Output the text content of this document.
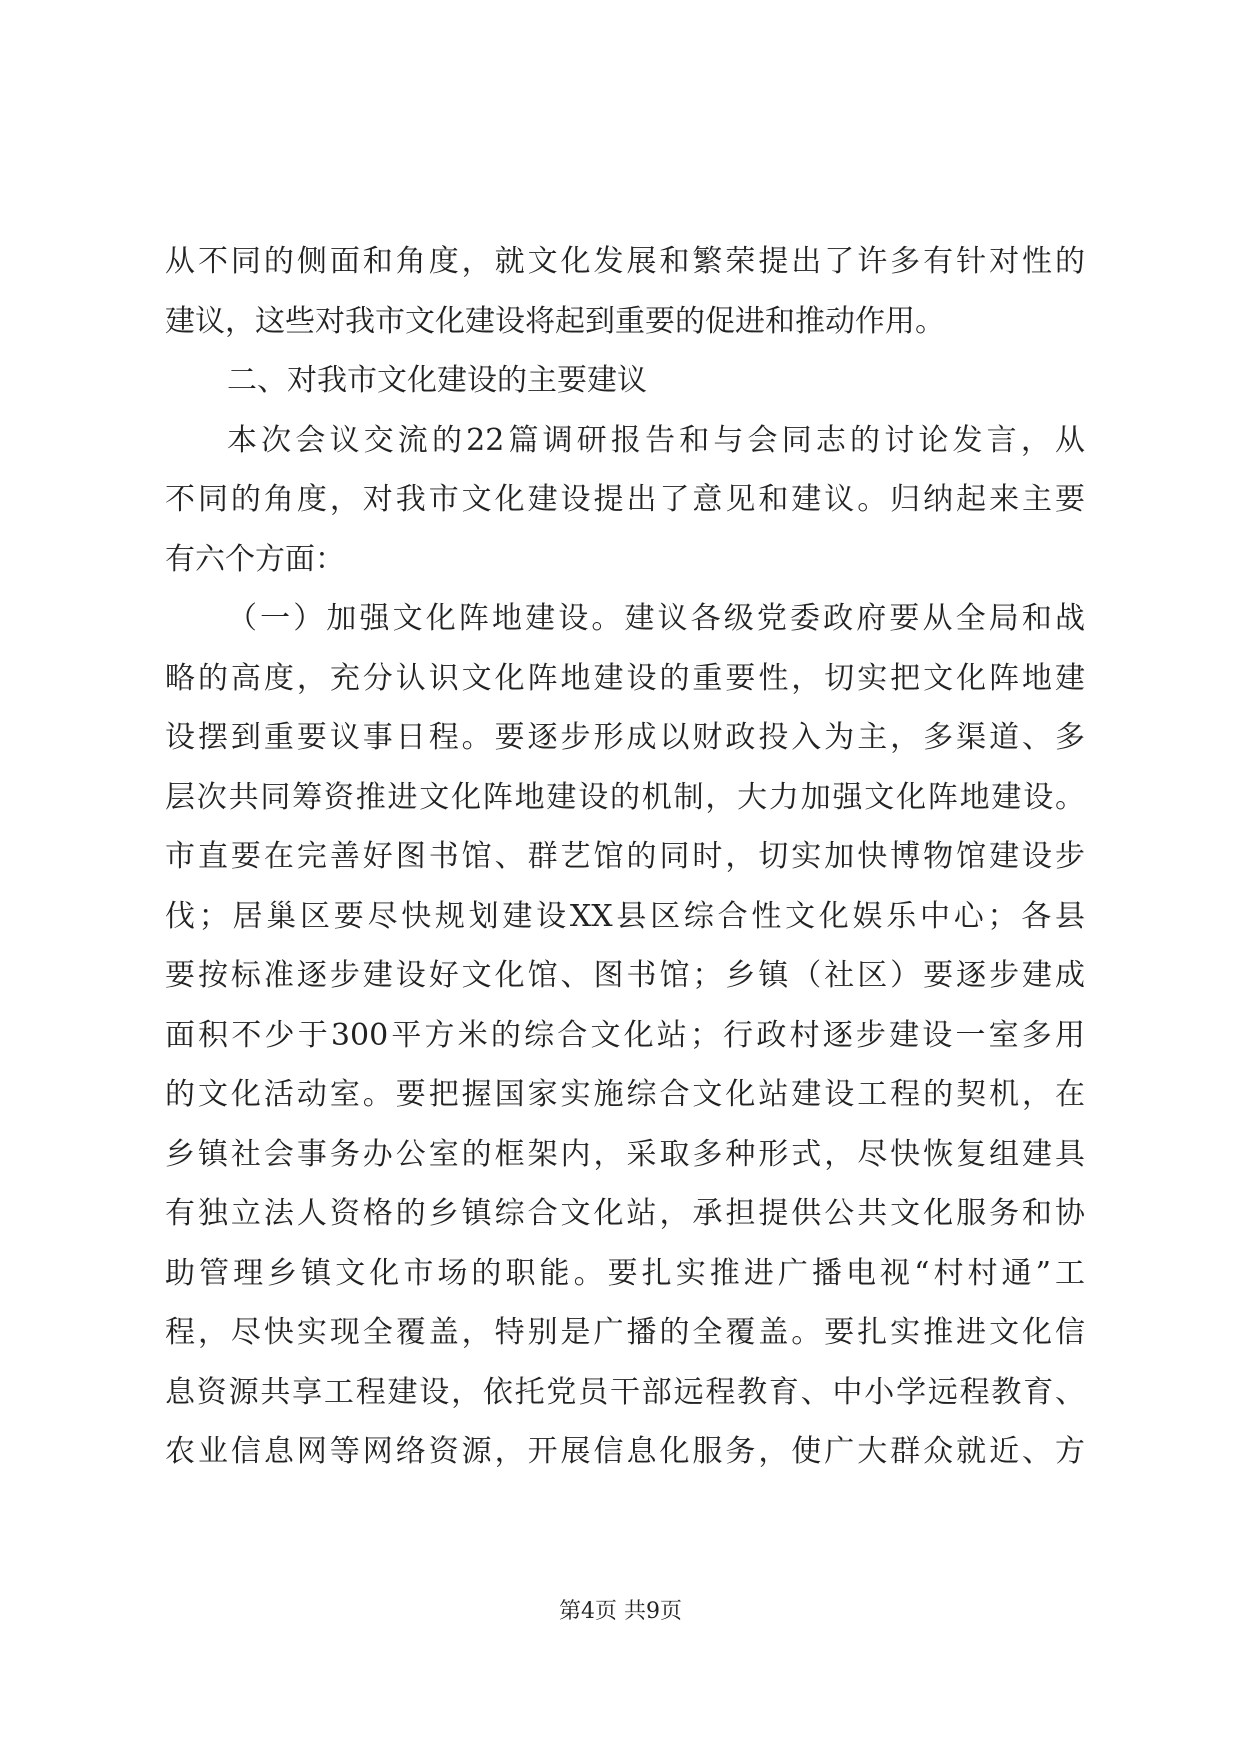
从不同的侧面和角度，就文化发展和繁荣提出了许多有针对性的
建议，这些对我市文化建设将起到重要的促进和推动作用。
二、对我市文化建设的主要建议
本次会议交流的22篇调研报告和与会同志的讨论发言，从
不同的角度，对我市文化建设提出了意见和建议。归纳起来主要
有六个方面：
（一）加强文化阵地建设。建议各级党委政府要从全局和战
略的高度，充分认识文化阵地建设的重要性，切实把文化阵地建
设摆到重要议事日程。要逐步形成以财政投入为主，多渠道、多
层次共同筹资推进文化阵地建设的机制，大力加强文化阵地建设。
市直要在完善好图书馆、群艺馆的同时，切实加快博物馆建设步
伐；居巢区要尽快规划建设XX县区综合性文化娱乐中心；各县
要按标准逐步建设好文化馆、图书馆；乡镇（社区）要逐步建成
面积不少于300平方米的综合文化站；行政村逐步建设一室多用
的文化活动室。要把握国家实施综合文化站建设工程的契机，在
乡镇社会事务办公室的框架内，采取多种形式，尽快恢复组建具
有独立法人资格的乡镇综合文化站，承担提供公共文化服务和协
助管理乡镇文化市场的职能。要扎实推进广播电视“村村通”工
程，尽快实现全覆盖，特别是广播的全覆盖。要扎实推进文化信
息资源共享工程建设，依托党员干部远程教育、中小学远程教育、
农业信息网等网络资源，开展信息化服务，使广大群众就近、方
第4页 共9页
